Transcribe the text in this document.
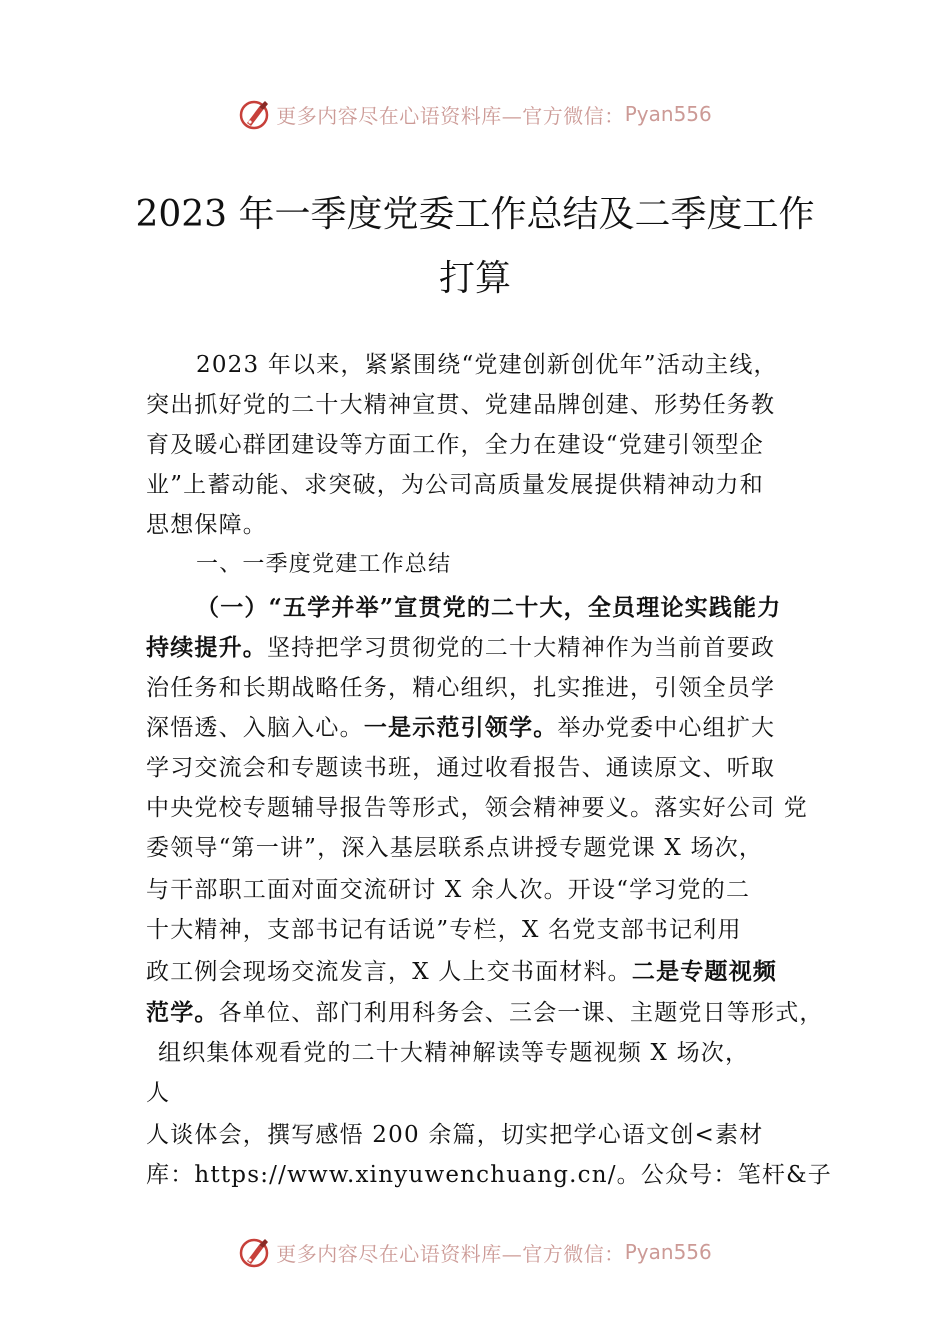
更多内容尽在心语资料库—官方微信： Pyan556
2023 年一季度党委工作总结及二季度工作
打算
2023 年以来，紧紧围绕“党建创新创优年”活动主线，
突出抓好党的二十大精神宣贯、党建品牌创建、形势任务教
育及暖心群团建设等方面工作，全力在建设“党建引领型企
业”上蓄动能、求突破，为公司高质量发展提供精神动力和
思想保障。
一、一季度党建工作总结
（一）“五学并举”宣贯党的二十大，全员理论实践能力
持续提升。坚持把学习贯彻党的二十大精神作为当前首要政
治任务和长期战略任务，精心组织，扎实推进，引领全员学
深悟透、入脑入心。一是示范引领学。举办党委中心组扩大
学习交流会和专题读书班，通过收看报告、通读原文、听取
中央党校专题辅导报告等形式，领会精神要义。落实好公司 党
委领导“第一讲”，深入基层联系点讲授专题党课 X 场次，
与干部职工面对面交流研讨 X 余人次。开设“学习党的二
十大精神，支部书记有话说”专栏，X 名党支部书记利用
政工例会现场交流发言，X 人上交书面材料。二是专题视频
范学。各单位、部门利用科务会、三会一课、主题党日等形式，
组织集体观看党的二十大精神解读等专题视频 X 场次，
人
人谈体会，撰写感悟 200 余篇，切实把学心语文创<素材
库：https://www.xinyuwenchuang.cn/。公众号：笔杆&子
更多内容尽在心语资料库—官方微信： Pyan556
